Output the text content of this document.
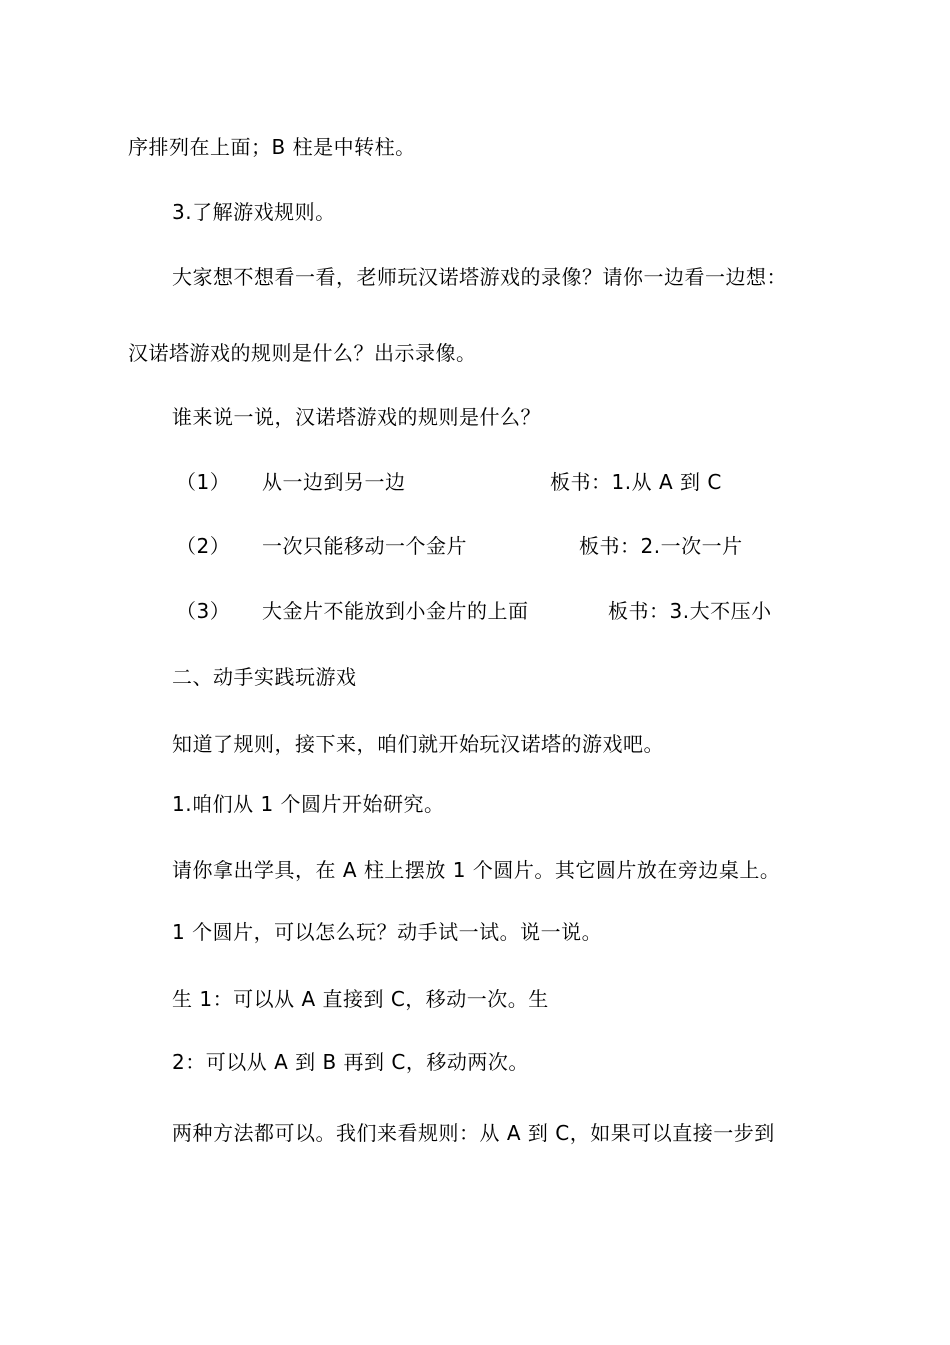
序排列在上面；B 柱是中转柱。
3.了解游戏规则。
大家想不想看一看，老师玩汉诺塔游戏的录像？请你一边看一边想：
汉诺塔游戏的规则是什么？出示录像。
谁来说一说，汉诺塔游戏的规则是什么？
（1） 从一边到另一边	板书：1.从 A 到 C
（2） 一次只能移动一个金片	板书：2.一次一片
（3） 大金片不能放到小金片的上面	板书：3.大不压小
二、动手实践玩游戏
知道了规则，接下来，咱们就开始玩汉诺塔的游戏吧。
1.咱们从 1 个圆片开始研究。
请你拿出学具，在 A 柱上摆放 1 个圆片。其它圆片放在旁边桌上。
1 个圆片，可以怎么玩？动手试一试。说一说。
生 1：可以从 A 直接到 C，移动一次。生
2：可以从 A 到 B 再到 C，移动两次。
两种方法都可以。我们来看规则：从 A 到 C，如果可以直接一步到
